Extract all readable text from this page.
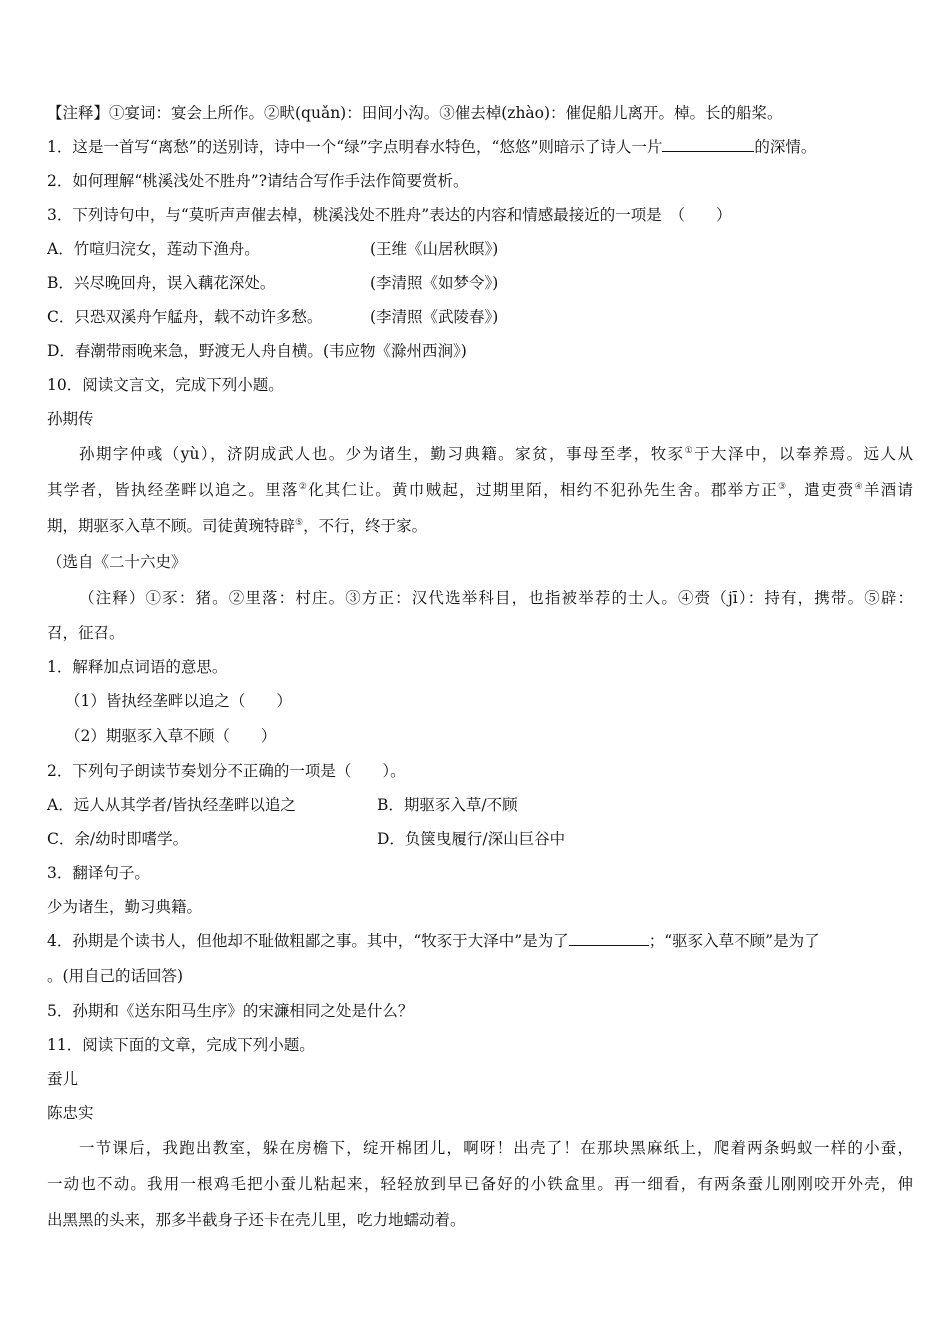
【注释】①宴词：宴会上所作。②畎(quǎn)：田间小沟。③催去棹(zhào)：催促船儿离开。棹。长的船桨。
1．这是一首写“离愁”的送别诗，诗中一个“绿”字点明春水特色，“悠悠”则暗示了诗人一片	的深情。
2．如何理解“桃溪浅处不胜舟”?请结合写作手法作简要赏析。
3．下列诗句中，与“莫听声声催去棹，桃溪浅处不胜舟”表达的内容和情感最接近的一项是　（　　）
A．竹喧归浣女，莲动下渔舟。	(王维《山居秋暝》)
B．兴尽晚回舟，误入藕花深处。	(李清照《如梦令》)
C．只恐双溪舟乍艋舟，载不动许多愁。	(李清照《武陵春》)
D．春潮带雨晚来急，野渡无人舟自横。(韦应物《滁州西涧》)
10．阅读文言文，完成下列小题。
孙期传
孙期字仲彧（yù），济阴成武人也。少为诸生，勤习典籍。家贫，事母至孝，牧豕①于大泽中，以奉养焉。远人从
其学者，皆执经垄畔以追之。里落②化其仁让。黄巾贼起，过期里陌，相约不犯孙先生舍。郡举方正③，遣吏赍④羊酒请
期，期驱豕入草不顾。司徒黄琬特辟⑤，不行，终于家。
（选自《二十六史》
（注释）①豕：猪。②里落：村庄。③方正：汉代选举科目，也指被举荐的士人。④赍（jī）：持有，携带。⑤辟：
召，征召。
1．解释加点词语的意思。
（1）皆执经垄畔以追之（　　）
（2）期驱豕入草不顾（　　）
2．下列句子朗读节奏划分不正确的一项是（　　）。
A．远人从其学者/皆执经垄畔以追之	B．期驱豕入草/不顾
C．余/幼时即嗜学。	D．负箧曳履行/深山巨谷中
3．翻译句子。
少为诸生，勤习典籍。
4．孙期是个读书人，但他却不耻做粗鄙之事。其中，“牧豕于大泽中”是为了	；“驱豕入草不顾”是为了
。(用自己的话回答)
5．孙期和《送东阳马生序》的宋濂相同之处是什么？
11．阅读下面的文章，完成下列小题。
蚕儿
陈忠实
一节课后，我跑出教室，躲在房檐下，绽开棉团儿，啊呀！出壳了！在那块黑麻纸上，爬着两条蚂蚁一样的小蚕，
一动也不动。我用一根鸡毛把小蚕儿粘起来，轻轻放到早已备好的小铁盒里。再一细看，有两条蚕儿刚刚咬开外壳，伸
出黑黑的头来，那多半截身子还卡在壳儿里，吃力地蠕动着。
